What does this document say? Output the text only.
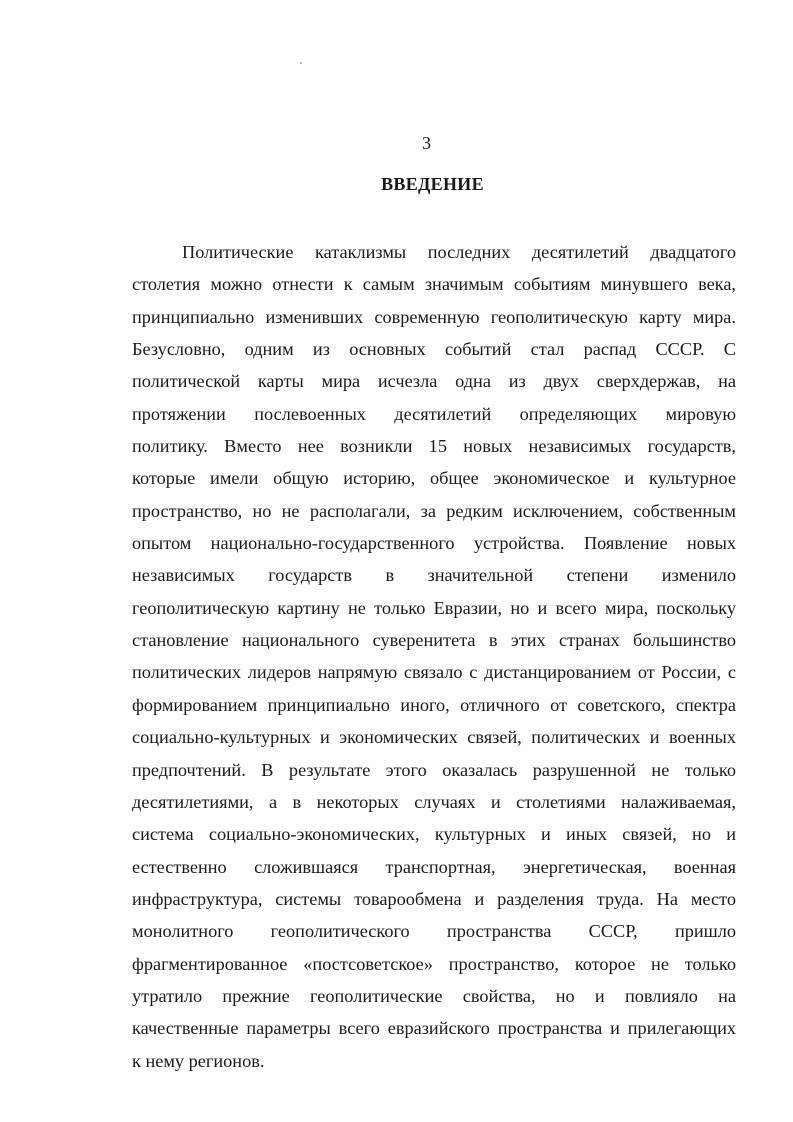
3
ВВЕДЕНИЕ
Политические катаклизмы последних десятилетий двадцатого
столетия можно отнести к самым значимым событиям минувшего века,
принципиально изменивших современную геополитическую карту мира.
Безусловно, одним из основных событий стал распад СССР. С
политической карты мира исчезла одна из двух сверхдержав, на
протяжении послевоенных десятилетий определяющих мировую
политику. Вместо нее возникли 15 новых независимых государств,
которые имели общую историю, общее экономическое и культурное
пространство, но не располагали, за редким исключением, собственным
опытом национально-государственного устройства. Появление новых
независимых государств в значительной степени изменило
геополитическую картину не только Евразии, но и всего мира, поскольку
становление национального суверенитета в этих странах большинство
политических лидеров напрямую связало с дистанцированием от России, с
формированием принципиально иного, отличного от советского, спектра
социально-культурных и экономических связей, политических и военных
предпочтений. В результате этого оказалась разрушенной не только
десятилетиями, а в некоторых случаях и столетиями налаживаемая,
система социально-экономических, культурных и иных связей, но и
естественно сложившаяся транспортная, энергетическая, военная
инфраструктура, системы товарообмена и разделения труда. На место
монолитного геополитического пространства СССР, пришло
фрагментированное «постсоветское» пространство, которое не только
утратило прежние геополитические свойства, но и повлияло на
качественные параметры всего евразийского пространства и прилегающих
к нему регионов.
